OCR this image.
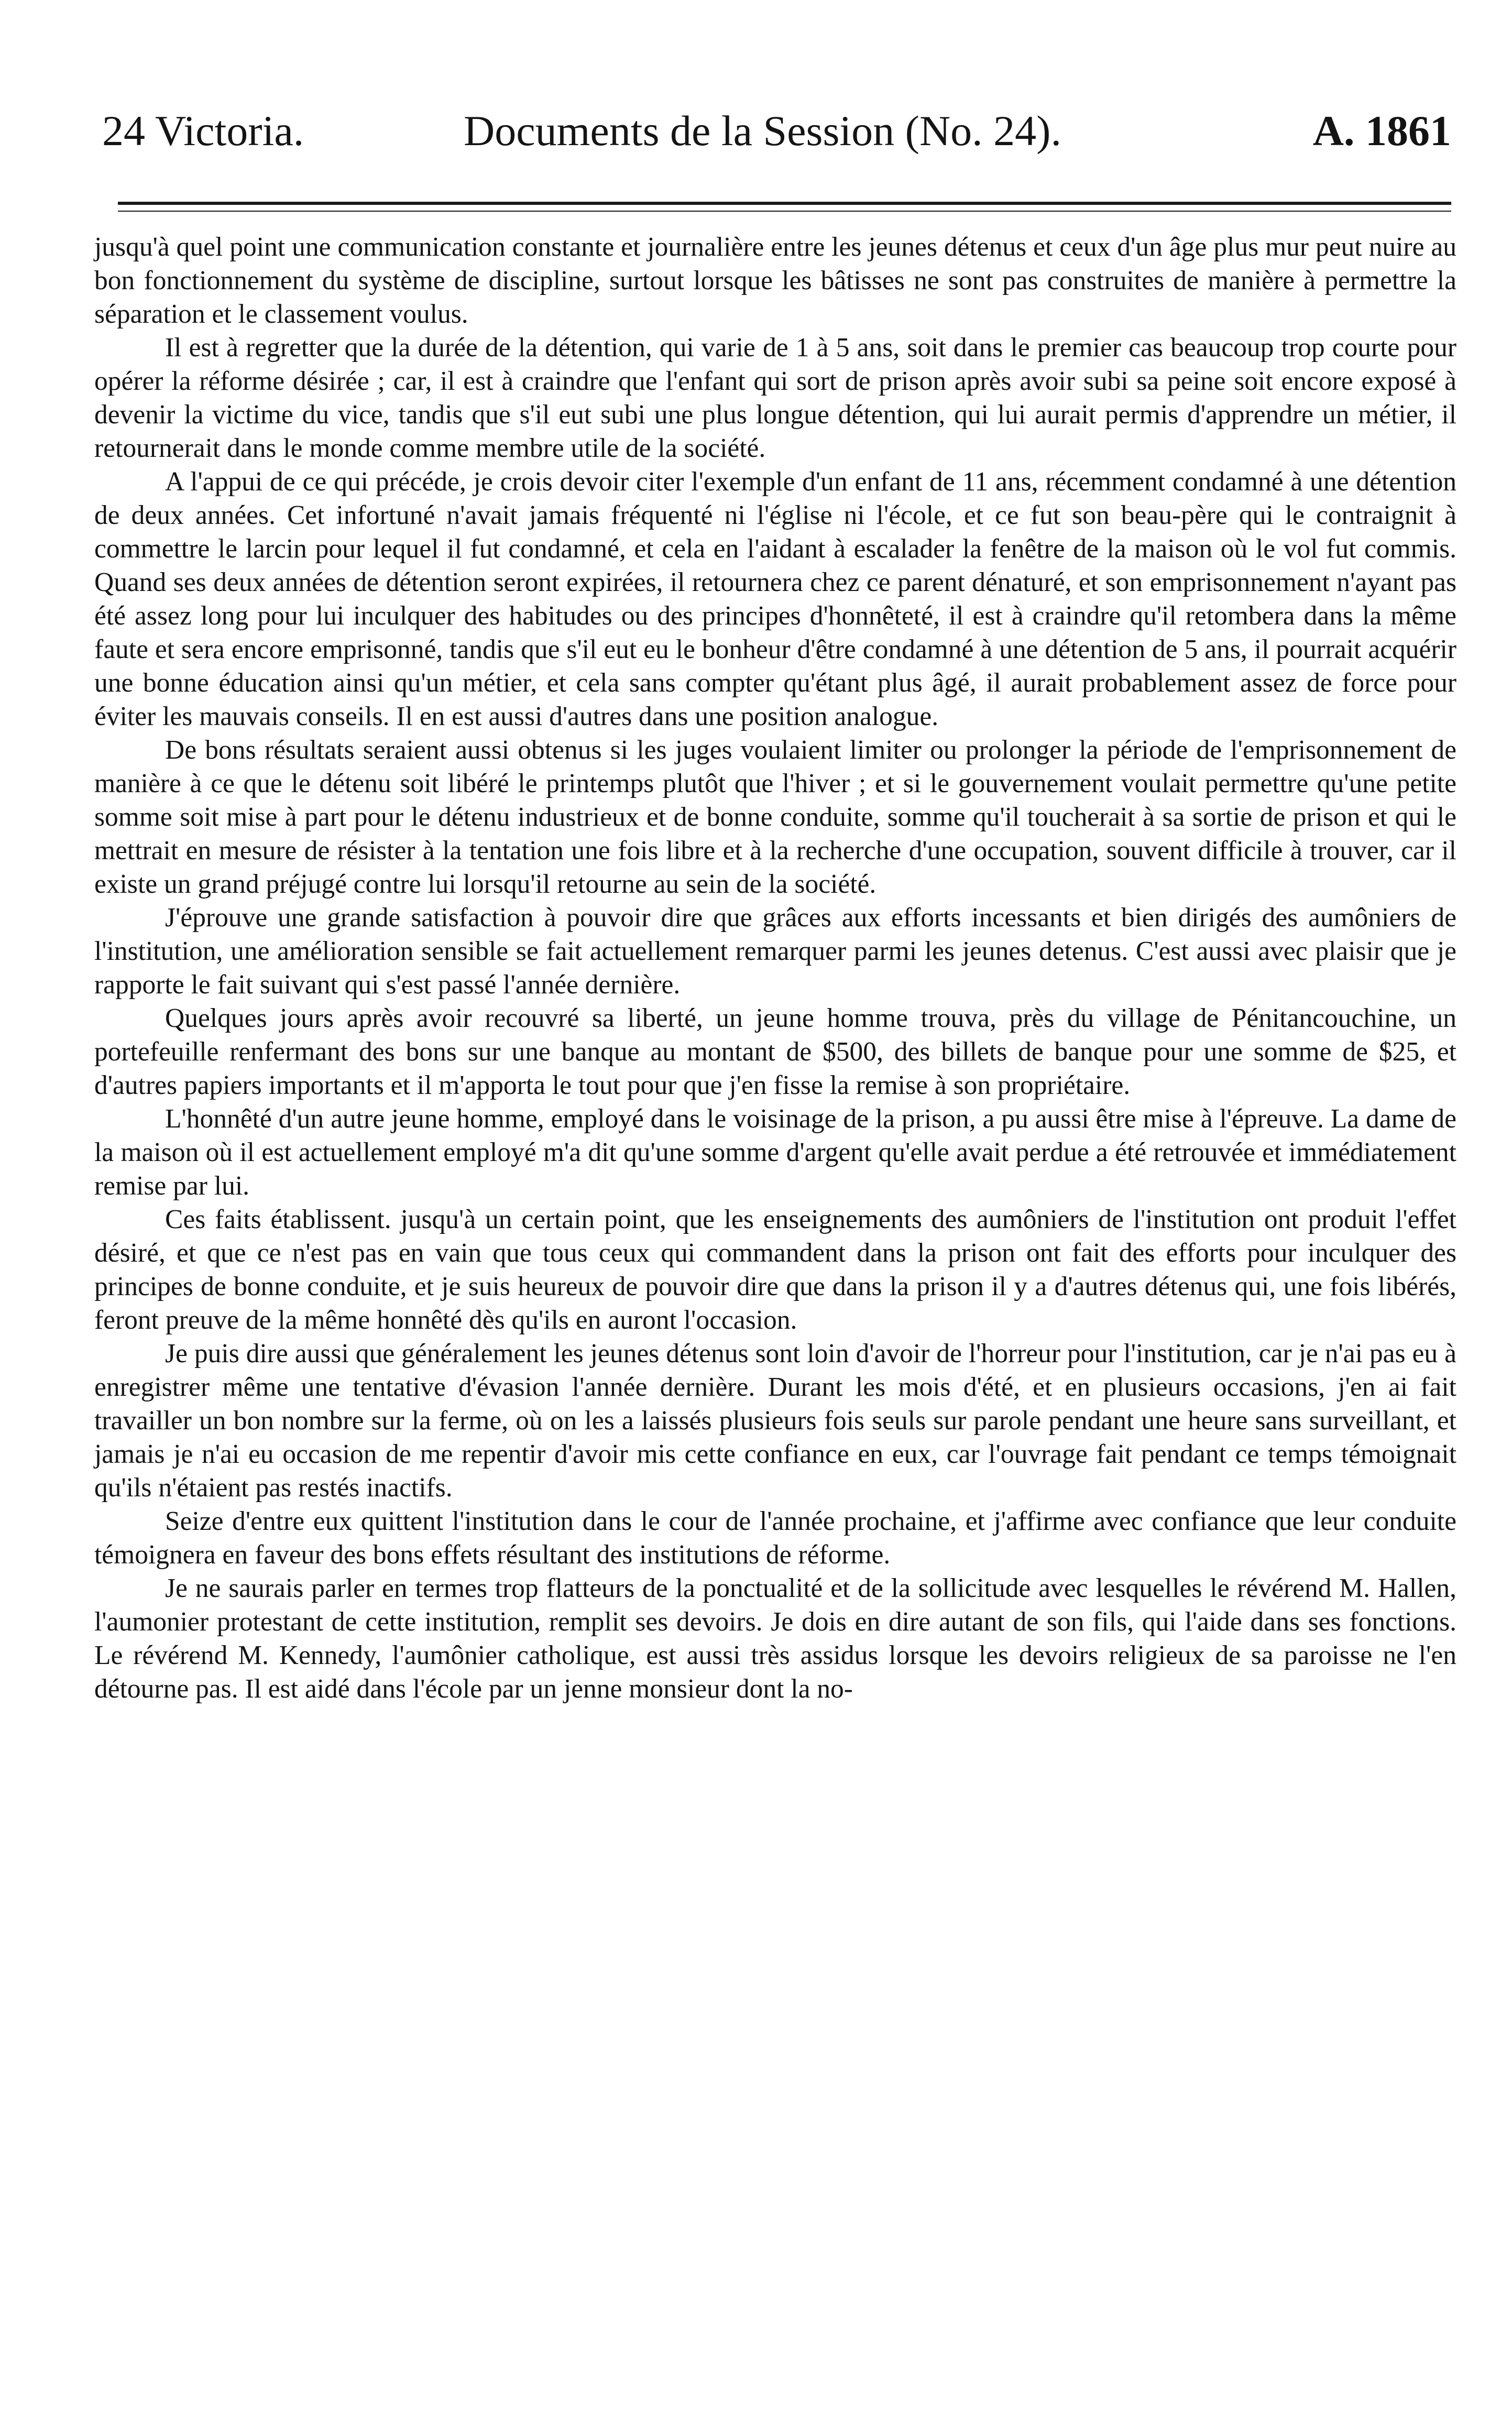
24 Victoria.	Documents de la Session (No. 24).	A. 1861

jusqu'à quel point une communication constante et journalière entre les jeunes détenus et ceux d'un âge plus mur peut nuire au bon fonctionnement du système de discipline, surtout lorsque les bâtisses ne sont pas construites de manière à permettre la séparation et le classement voulus.

Il est à regretter que la durée de la détention, qui varie de 1 à 5 ans, soit dans le premier cas beaucoup trop courte pour opérer la réforme désirée ; car, il est à craindre que l'enfant qui sort de prison après avoir subi sa peine soit encore exposé à devenir la victime du vice, tandis que s'il eut subi une plus longue détention, qui lui aurait permis d'apprendre un métier, il retournerait dans le monde comme membre utile de la société.

A l'appui de ce qui précéde, je crois devoir citer l'exemple d'un enfant de 11 ans, récemment condamné à une détention de deux années. Cet infortuné n'avait jamais fréquenté ni l'église ni l'école, et ce fut son beau-père qui le contraignit à commettre le larcin pour lequel il fut condamné, et cela en l'aidant à escalader la fenêtre de la maison où le vol fut commis. Quand ses deux années de détention seront expirées, il retournera chez ce parent dénaturé, et son emprisonnement n'ayant pas été assez long pour lui inculquer des habitudes ou des principes d'honnêteté, il est à craindre qu'il retombera dans la même faute et sera encore emprisonné, tandis que s'il eut eu le bonheur d'être condamné à une détention de 5 ans, il pourrait acquérir une bonne éducation ainsi qu'un métier, et cela sans compter qu'étant plus âgé, il aurait probablement assez de force pour éviter les mauvais conseils. Il en est aussi d'autres dans une position analogue.

De bons résultats seraient aussi obtenus si les juges voulaient limiter ou prolonger la période de l'emprisonnement de manière à ce que le détenu soit libéré le printemps plutôt que l'hiver ; et si le gouvernement voulait permettre qu'une petite somme soit mise à part pour le détenu industrieux et de bonne conduite, somme qu'il toucherait à sa sortie de prison et qui le mettrait en mesure de résister à la tentation une fois libre et à la recherche d'une occupation, souvent difficile à trouver, car il existe un grand préjugé contre lui lorsqu'il retourne au sein de la société.

J'éprouve une grande satisfaction à pouvoir dire que grâces aux efforts incessants et bien dirigés des aumôniers de l'institution, une amélioration sensible se fait actuellement remarquer parmi les jeunes detenus. C'est aussi avec plaisir que je rapporte le fait suivant qui s'est passé l'année dernière.

Quelques jours après avoir recouvré sa liberté, un jeune homme trouva, près du village de Pénitancouchine, un portefeuille renfermant des bons sur une banque au montant de $500, des billets de banque pour une somme de $25, et d'autres papiers importants et il m'apporta le tout pour que j'en fisse la remise à son propriétaire.

L'honnêté d'un autre jeune homme, employé dans le voisinage de la prison, a pu aussi être mise à l'épreuve. La dame de la maison où il est actuellement employé m'a dit qu'une somme d'argent qu'elle avait perdue a été retrouvée et immédiatement remise par lui.

Ces faits établissent. jusqu'à un certain point, que les enseignements des aumôniers de l'institution ont produit l'effet désiré, et que ce n'est pas en vain que tous ceux qui commandent dans la prison ont fait des efforts pour inculquer des principes de bonne conduite, et je suis heureux de pouvoir dire que dans la prison il y a d'autres détenus qui, une fois libérés, feront preuve de la même honnêté dès qu'ils en auront l'occasion.

Je puis dire aussi que généralement les jeunes détenus sont loin d'avoir de l'horreur pour l'institution, car je n'ai pas eu à enregistrer même une tentative d'évasion l'année dernière. Durant les mois d'été, et en plusieurs occasions, j'en ai fait travailler un bon nombre sur la ferme, où on les a laissés plusieurs fois seuls sur parole pendant une heure sans surveillant, et jamais je n'ai eu occasion de me repentir d'avoir mis cette confiance en eux, car l'ouvrage fait pendant ce temps témoignait qu'ils n'étaient pas restés inactifs.

Seize d'entre eux quittent l'institution dans le cour de l'année prochaine, et j'affirme avec confiance que leur conduite témoignera en faveur des bons effets résultant des institutions de réforme.

Je ne saurais parler en termes trop flatteurs de la ponctualité et de la sollicitude avec lesquelles le révérend M. Hallen, l'aumonier protestant de cette institution, remplit ses devoirs. Je dois en dire autant de son fils, qui l'aide dans ses fonctions. Le révérend M. Kennedy, l'aumônier catholique, est aussi très assidus lorsque les devoirs religieux de sa paroisse ne l'en détourne pas. Il est aidé dans l'école par un jenne monsieur dont la no-
